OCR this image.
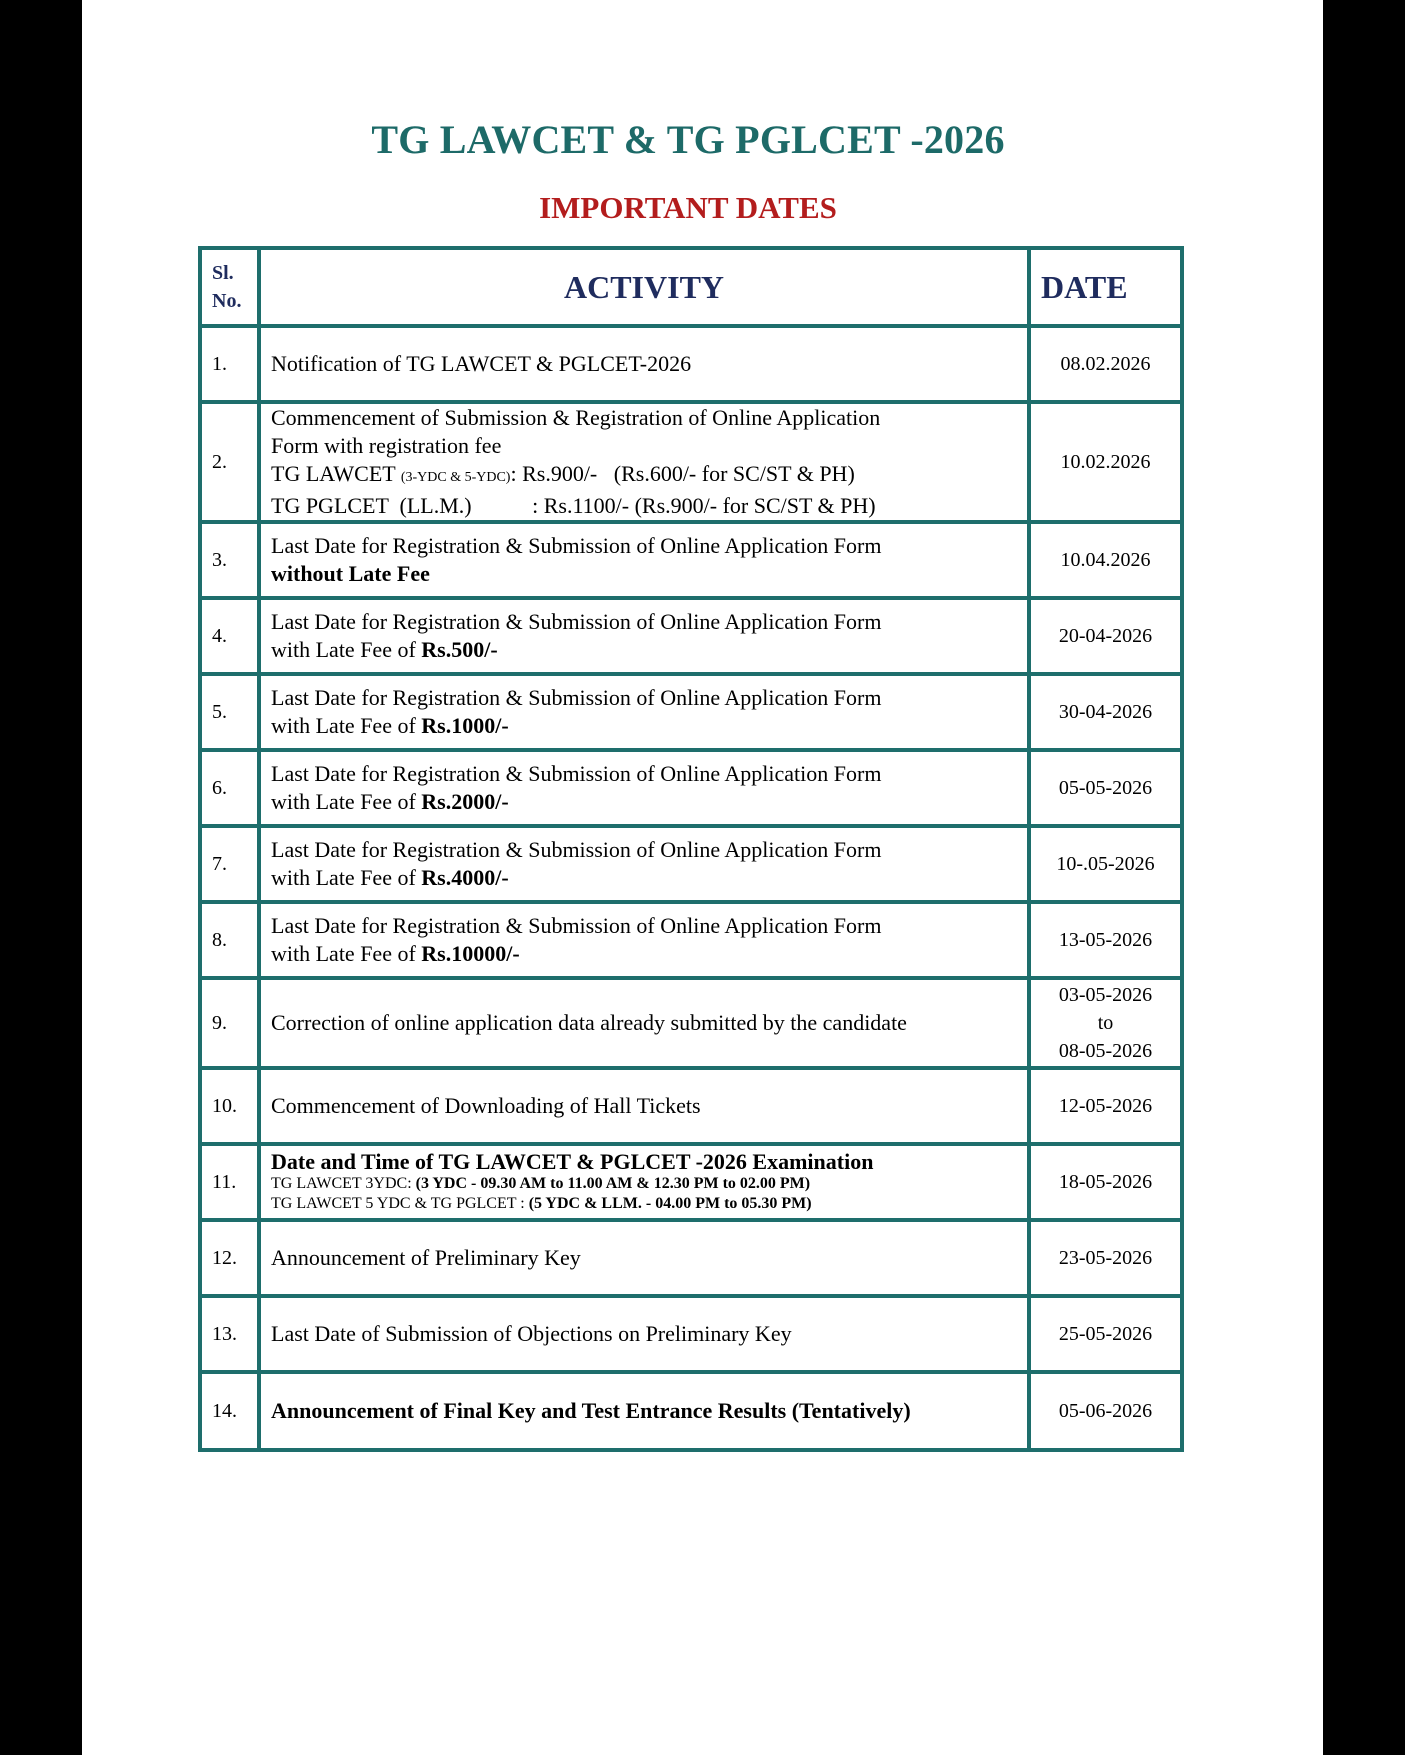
TG LAWCET & TG PGLCET -2026
IMPORTANT DATES
Sl.
No.	ACTIVITY	DATE
1.	Notification of TG LAWCET & PGLCET-2026	08.02.2026
2.	Commencement of Submission & Registration of Online Application
Form with registration fee
TG LAWCET (3-YDC & 5-YDC): Rs.900/-   (Rs.600/- for SC/ST & PH)
TG PGLCET  (LL.M.)           : Rs.1100/- (Rs.900/- for SC/ST & PH)	10.02.2026
3.	Last Date for Registration & Submission of Online Application Form
without Late Fee	10.04.2026
4.	Last Date for Registration & Submission of Online Application Form
with Late Fee of Rs.500/-	20-04-2026
5.	Last Date for Registration & Submission of Online Application Form
with Late Fee of Rs.1000/-	30-04-2026
6.	Last Date for Registration & Submission of Online Application Form
with Late Fee of Rs.2000/-	05-05-2026
7.	Last Date for Registration & Submission of Online Application Form
with Late Fee of Rs.4000/-	10-.05-2026
8.	Last Date for Registration & Submission of Online Application Form
with Late Fee of Rs.10000/-	13-05-2026
9.	Correction of online application data already submitted by the candidate	03-05-2026
to
08-05-2026

10.	Commencement of Downloading of Hall Tickets	12-05-2026
11.	Date and Time of TG LAWCET & PGLCET -2026 Examination
TG LAWCET 3YDC: (3 YDC - 09.30 AM to 11.00 AM & 12.30 PM to 02.00 PM)
TG LAWCET 5 YDC & TG PGLCET : (5 YDC & LLM. - 04.00 PM to 05.30 PM)	18-05-2026
12.	Announcement of Preliminary Key	23-05-2026
13.	Last Date of Submission of Objections on Preliminary Key	25-05-2026
14.	Announcement of Final Key and Test Entrance Results (Tentatively)	05-06-2026
